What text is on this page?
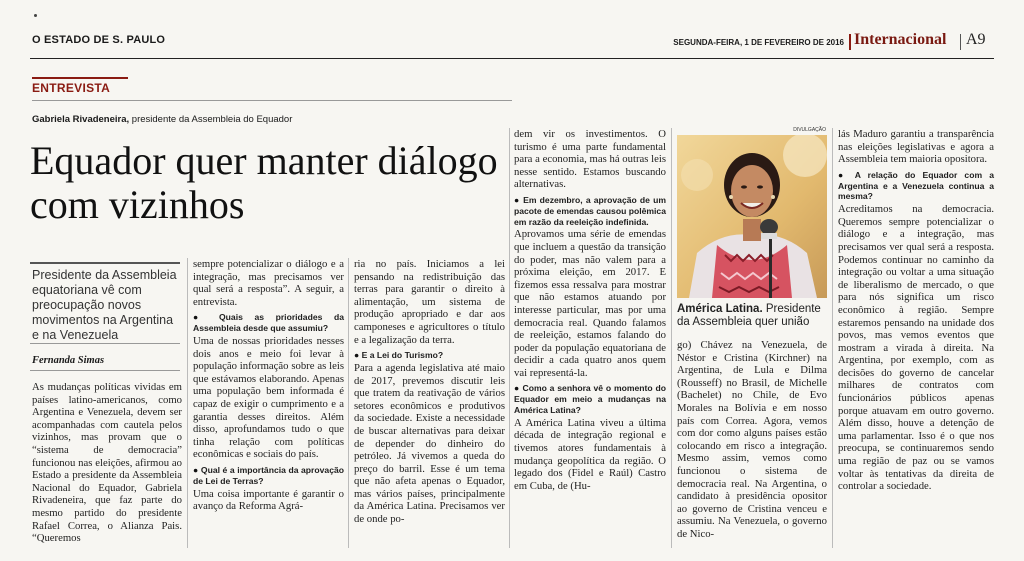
O ESTADO DE S. PAULO	SEGUNDA-FEIRA, 1 DE FEVEREIRO DE 2016 Internacional A9
ENTREVISTA
Gabriela Rivadeneira, presidente da Assembleia do Equador
Equador quer manter diálogo com vizinhos
Presidente da Assembleia equatoriana vê com preocupação novos movimentos na Argentina e na Venezuela
Fernanda Simas

As mudanças políticas vividas em países latino-americanos, como Argentina e Venezuela, devem ser acompanhadas com cautela pelos vizinhos, mas provam que o “sistema de democracia” funcionou nas eleições, afirmou ao Estado a presidente da Assembleia Nacional do Equador, Gabriela Rivadeneira, que faz parte do mesmo partido do presidente Rafael Correa, o Alianza Pais. “Queremos

sempre potencializar o diálogo e a integração, mas precisamos ver qual será a resposta”. A seguir, a entrevista.

● Quais as prioridades da Assembleia desde que assumiu?

Uma de nossas prioridades nesses dois anos e meio foi levar à população informação sobre as leis que estávamos elaborando. Apenas uma população bem informada é capaz de exigir o cumprimento e a garantia desses direitos. Além disso, aprofundamos tudo o que tinha relação com políticas econômicas e sociais do país.

● Qual é a importância da aprovação de Lei de Terras?

Uma coisa importante é garantir o avanço da Reforma Agrá-

ria no país. Iniciamos a lei pensando na redistribuição das terras para garantir o direito à alimentação, um sistema de produção apropriado e dar aos camponeses e agricultores o título e a legalização da terra.

● E a Lei do Turismo?

Para a agenda legislativa até maio de 2017, prevemos discutir leis que tratem da reativação de vários setores econômicos e produtivos da sociedade. Existe a necessidade de buscar alternativas para deixar de depender do dinheiro do petróleo. Já vivemos a queda do preço do barril. Esse é um tema que não afeta apenas o Equador, mas vários países, principalmente da América Latina. Precisamos ver de onde po-

dem vir os investimentos. O turismo é uma parte fundamental para a economia, mas há outras leis nesse sentido. Estamos buscando alternativas.

● Em dezembro, a aprovação de um pacote de emendas causou polêmica em razão da reeleição indefinida.

Aprovamos uma série de emendas que incluem a questão da transição do poder, mas não valem para a próxima eleição, em 2017. E fizemos essa ressalva para mostrar que não estamos atuando por interesse particular, mas por uma democracia real. Quando falamos de reeleição, estamos falando do poder da população equatoriana de decidir a cada quatro anos quem vai representá-la.

● Como a senhora vê o momento do Equador em meio a mudanças na América Latina?

A América Latina viveu a última década de integração regional e tivemos atores fundamentais à mudança geopolítica da região. O legado dos (Fidel e Raúl) Castro em Cuba, de (Hu-

DIVULGAÇÃO
América Latina. Presidente da Assembleia quer união

go) Chávez na Venezuela, de Néstor e Cristina (Kirchner) na Argentina, de Lula e Dilma (Rousseff) no Brasil, de Michelle (Bachelet) no Chile, de Evo Morales na Bolívia e em nosso país com Correa. Agora, vemos com dor como alguns países estão colocando em risco a integração. Mesmo assim, vemos como funcionou o sistema de democracia real. Na Argentina, o candidato à presidência opositor ao governo de Cristina venceu e assumiu. Na Venezuela, o governo de Nico-

lás Maduro garantiu a transparência nas eleições legislativas e agora a Assembleia tem maioria opositora.

● A relação do Equador com a Argentina e a Venezuela continua a mesma?

Acreditamos na democracia. Queremos sempre potencializar o diálogo e a integração, mas precisamos ver qual será a resposta. Podemos continuar no caminho da integração ou voltar a uma situação de liberalismo de mercado, o que para nós significa um risco econômico à região. Sempre estaremos pensando na unidade dos povos, mas vemos eventos que mostram a virada à direita. Na Argentina, por exemplo, com as decisões do governo de cancelar milhares de contratos com funcionários públicos apenas porque atuavam em outro governo. Além disso, houve a detenção de uma parlamentar. Isso é o que nos preocupa, se continuaremos sendo uma região de paz ou se vamos voltar às tentativas da direita de controlar a sociedade.
